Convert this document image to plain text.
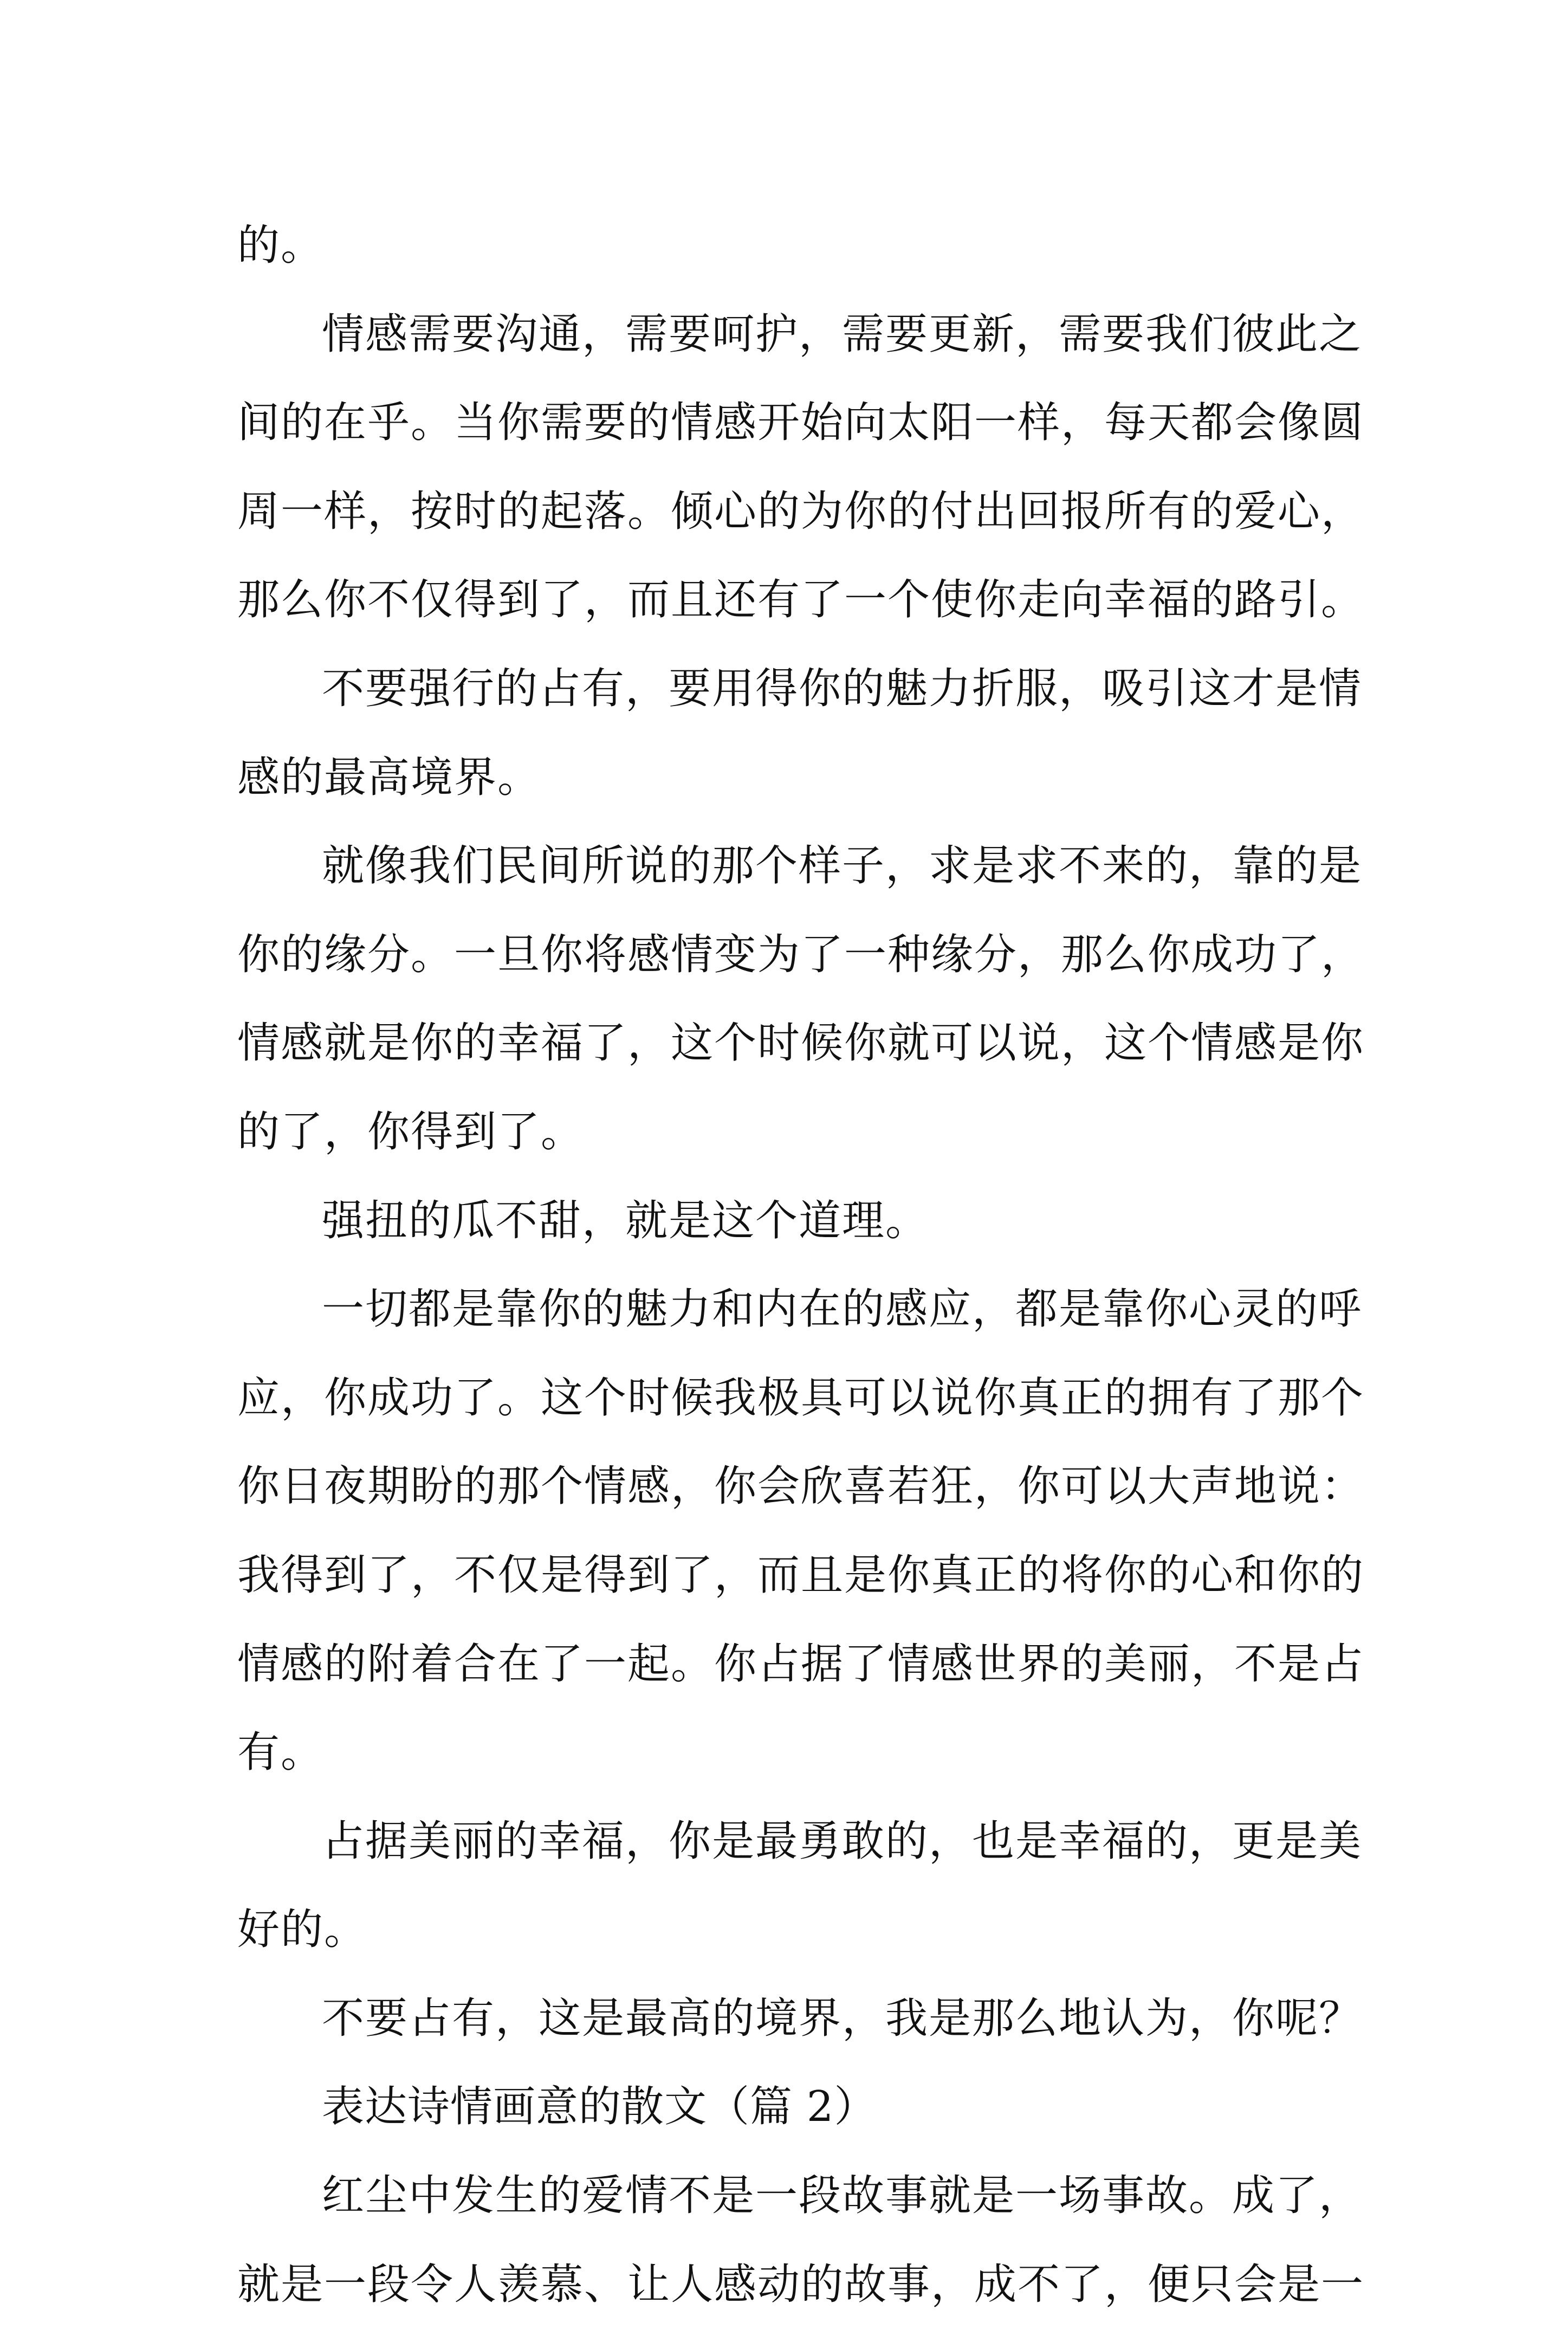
的。
情感需要沟通，需要呵护，需要更新，需要我们彼此之
间的在乎。当你需要的情感开始向太阳一样，每天都会像圆
周一样，按时的起落。倾心的为你的付出回报所有的爱心，
那么你不仅得到了，而且还有了一个使你走向幸福的路引。
不要强行的占有，要用得你的魅力折服，吸引这才是情
感的最高境界。
就像我们民间所说的那个样子，求是求不来的，靠的是
你的缘分。一旦你将感情变为了一种缘分，那么你成功了，
情感就是你的幸福了，这个时候你就可以说，这个情感是你
的了，你得到了。
强扭的瓜不甜，就是这个道理。
一切都是靠你的魅力和内在的感应，都是靠你心灵的呼
应，你成功了。这个时候我极具可以说你真正的拥有了那个
你日夜期盼的那个情感，你会欣喜若狂，你可以大声地说：
我得到了，不仅是得到了，而且是你真正的将你的心和你的
情感的附着合在了一起。你占据了情感世界的美丽，不是占
有。
占据美丽的幸福，你是最勇敢的，也是幸福的，更是美
好的。
不要占有，这是最高的境界，我是那么地认为，你呢？
表达诗情画意的散文（篇 2）
红尘中发生的爱情不是一段故事就是一场事故。成了，
就是一段令人羡慕、让人感动的故事，成不了，便只会是一
